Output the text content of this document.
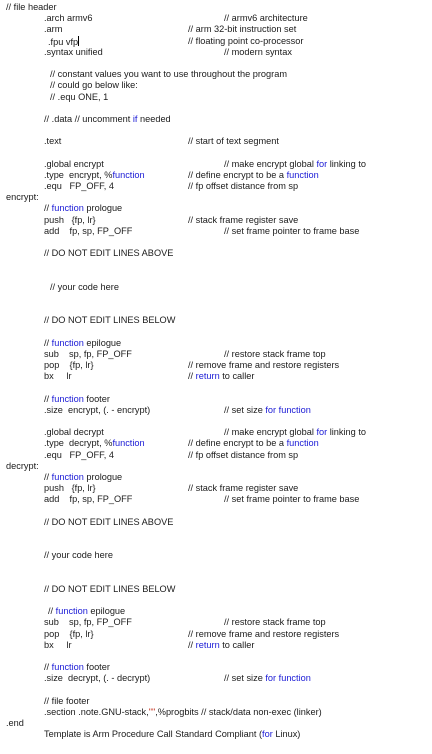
// file header
.arch armv6	// armv6 architecture
.arm	// arm 32-bit instruction set
.fpu vfp	// floating point co-processor
.syntax unified	// modern syntax
// constant values you want to use throughout the program
// could go below like:
// .equ ONE, 1
// .data // uncomment if needed
.text	// start of text segment
.global encrypt	// make encrypt global for linking to
.type  encrypt, %function	// define encrypt to be a function
.equ   FP_OFF, 4	// fp offset distance from sp
encrypt:
// function prologue
push   {fp, lr}	// stack frame register save
add    fp, sp, FP_OFF	// set frame pointer to frame base
// DO NOT EDIT LINES ABOVE
// your code here
// DO NOT EDIT LINES BELOW
// function epilogue
sub    sp, fp, FP_OFF	// restore stack frame top
pop    {fp, lr}	// remove frame and restore registers
bx     lr	// return to caller
// function footer
.size  encrypt, (. - encrypt)	// set size for function
.global decrypt	// make encrypt global for linking to
.type  decrypt, %function	// define encrypt to be a function
.equ   FP_OFF, 4	// fp offset distance from sp
decrypt:
// function prologue
push   {fp, lr}	// stack frame register save
add    fp, sp, FP_OFF	// set frame pointer to frame base
// DO NOT EDIT LINES ABOVE
// your code here
// DO NOT EDIT LINES BELOW
// function epilogue
sub    sp, fp, FP_OFF	// restore stack frame top
pop    {fp, lr}	// remove frame and restore registers
bx     lr	// return to caller
// function footer
.size  decrypt, (. - decrypt)	// set size for function
// file footer
.section .note.GNU-stack,"",%progbits // stack/data non-exec (linker)
.end
Template is Arm Procedure Call Standard Compliant (for Linux)
